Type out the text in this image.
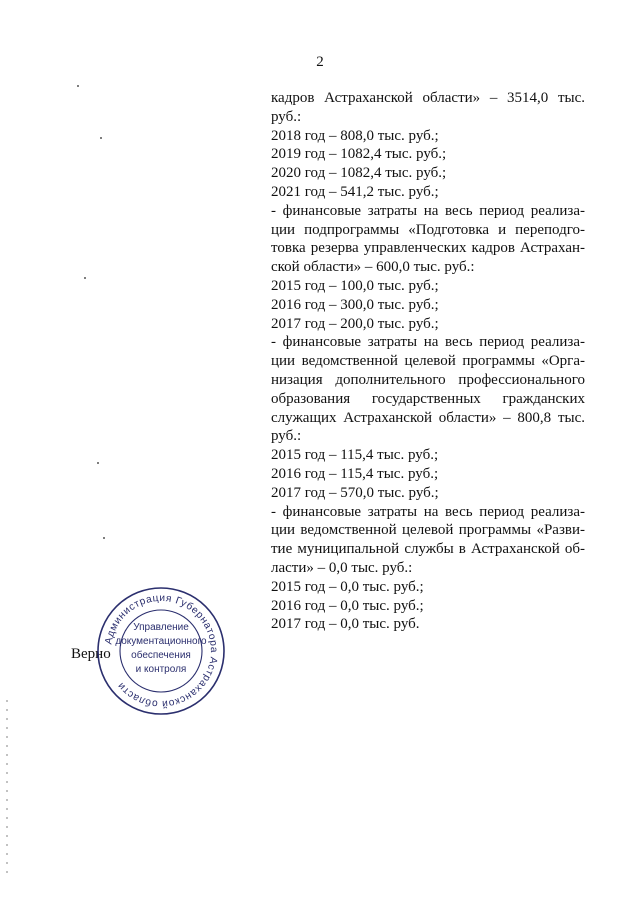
2
кадров Астраханской области» – 3514,0 тыс.
руб.:
2018 год – 808,0 тыс. руб.;
2019 год – 1082,4 тыс. руб.;
2020 год – 1082,4 тыс. руб.;
2021 год – 541,2 тыс. руб.;
- финансовые затраты на весь период реализа-
ции подпрограммы «Подготовка и переподго-
товка резерва управленческих кадров Астрахан-
ской области» – 600,0 тыс. руб.:
2015 год – 100,0 тыс. руб.;
2016 год – 300,0 тыс. руб.;
2017 год – 200,0 тыс. руб.;
- финансовые затраты на весь период реализа-
ции ведомственной целевой программы «Орга-
низация дополнительного профессионального
образования государственных гражданских
служащих Астраханской области» – 800,8 тыс.
руб.:
2015 год – 115,4 тыс. руб.;
2016 год – 115,4 тыс. руб.;
2017 год – 570,0 тыс. руб.;
- финансовые затраты на весь период реализа-
ции ведомственной целевой программы «Разви-
тие муниципальной службы в Астраханской об-
ласти» – 0,0 тыс. руб.:
2015 год – 0,0 тыс. руб.;
2016 год – 0,0 тыс. руб.;
2017 год – 0,0 тыс. руб.
Верно
Администрация Губернатора Астраханской области
Управление
документационного
обеспечения
и контроля
